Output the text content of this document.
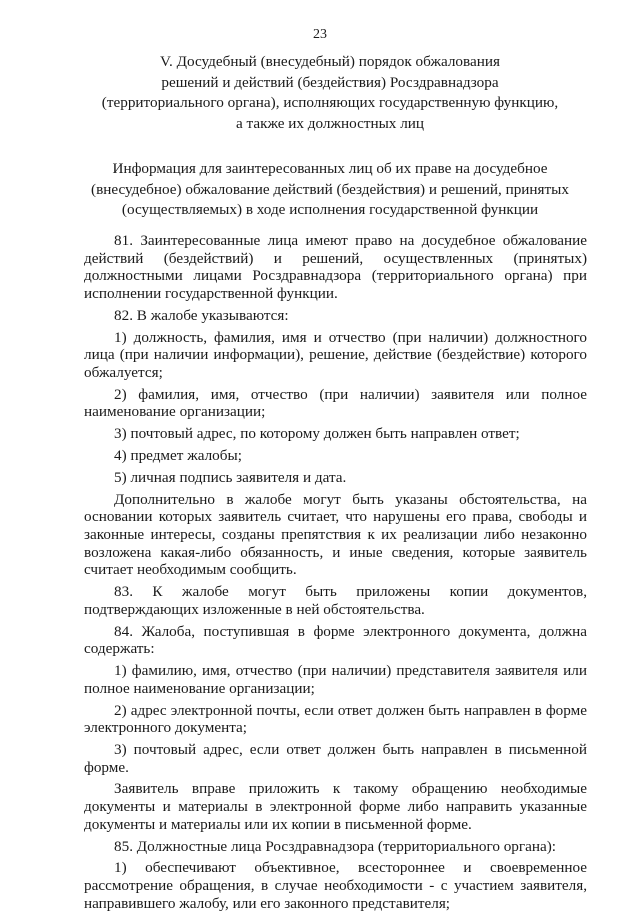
23
V. Досудебный (внесудебный) порядок обжалования
решений и действий (бездействия) Росздравнадзора
(территориального органа), исполняющих государственную функцию,
а также их должностных лиц
Информация для заинтересованных лиц об их праве на досудебное
(внесудебное) обжалование действий (бездействия) и решений, принятых
(осуществляемых) в ходе исполнения государственной функции
81. Заинтересованные лица имеют право на досудебное обжалование
действий (бездействий) и решений, осуществленных (принятых)
должностными лицами Росздравнадзора (территориального органа) при
исполнении государственной функции.
82. В жалобе указываются:
1) должность, фамилия, имя и отчество (при наличии) должностного
лица (при наличии информации), решение, действие (бездействие) которого
обжалуется;
2) фамилия, имя, отчество (при наличии) заявителя или полное
наименование организации;
3) почтовый адрес, по которому должен быть направлен ответ;
4) предмет жалобы;
5) личная подпись заявителя и дата.
Дополнительно в жалобе могут быть указаны обстоятельства, на
основании которых заявитель считает, что нарушены его права, свободы и
законные интересы, созданы препятствия к их реализации либо незаконно
возложена какая-либо обязанность, и иные сведения, которые заявитель
считает необходимым сообщить.
83. К жалобе могут быть приложены копии документов,
подтверждающих изложенные в ней обстоятельства.
84. Жалоба, поступившая в форме электронного документа, должна
содержать:
1) фамилию, имя, отчество (при наличии) представителя заявителя или
полное наименование организации;
2) адрес электронной почты, если ответ должен быть направлен в форме
электронного документа;
3) почтовый адрес, если ответ должен быть направлен в письменной
форме.
Заявитель вправе приложить к такому обращению необходимые
документы и материалы в электронной форме либо направить указанные
документы и материалы или их копии в письменной форме.
85. Должностные лица Росздравнадзора (территориального органа):
1) обеспечивают объективное, всестороннее и своевременное
рассмотрение обращения, в случае необходимости - с участием заявителя,
направившего жалобу, или его законного представителя;
